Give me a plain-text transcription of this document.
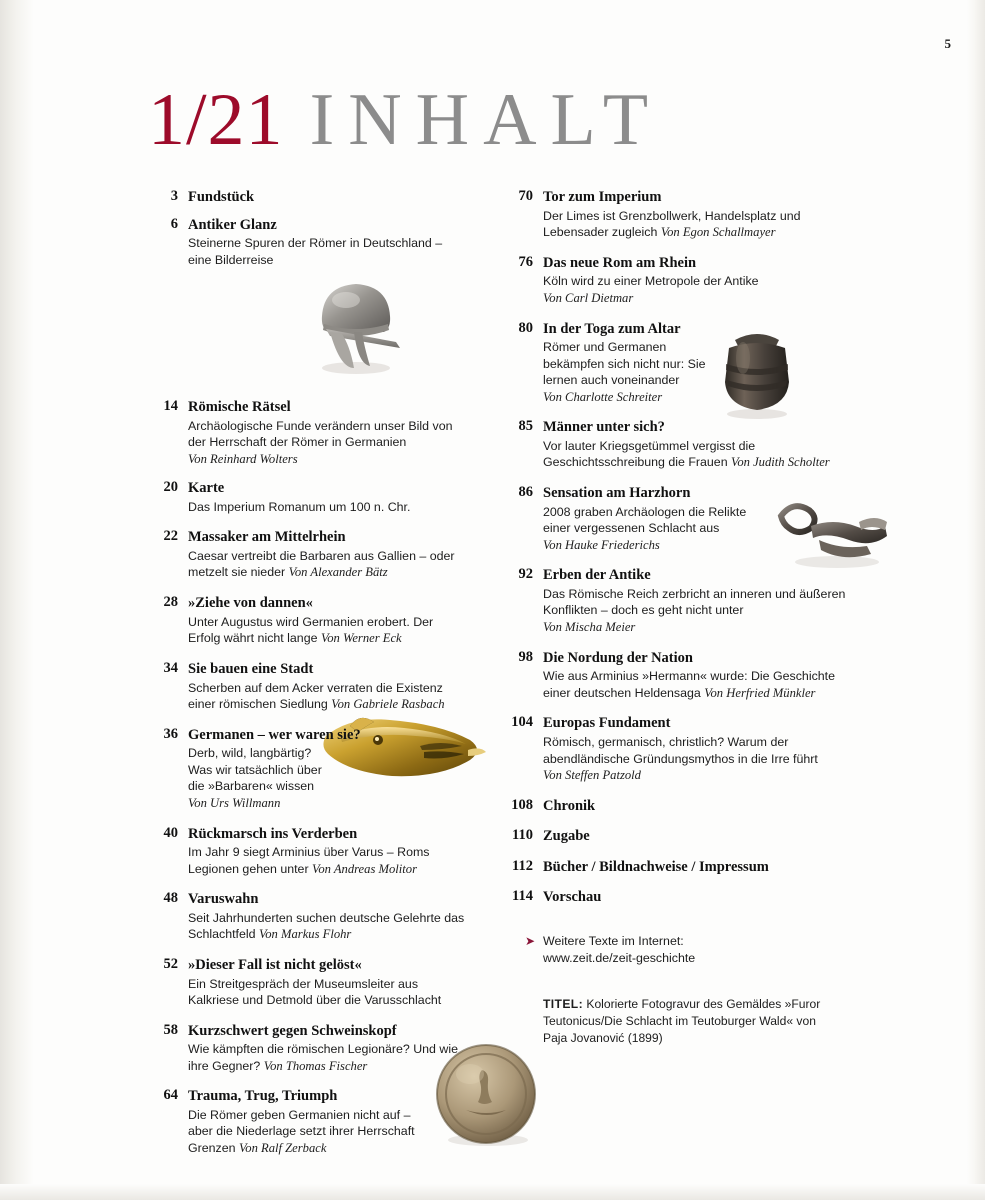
5
1/21 INHALT
3 Fundstück
6 Antiker Glanz
Steinerne Spuren der Römer in Deutschland – eine Bilderreise
14 Römische Rätsel
Archäologische Funde verändern unser Bild von der Herrschaft der Römer in Germanien
Von Reinhard Wolters
20 Karte
Das Imperium Romanum um 100 n. Chr.
22 Massaker am Mittelrhein
Caesar vertreibt die Barbaren aus Gallien – oder metzelt sie nieder Von Alexander Bätz
28 »Ziehe von dannen«
Unter Augustus wird Germanien erobert. Der Erfolg währt nicht lange Von Werner Eck
34 Sie bauen eine Stadt
Scherben auf dem Acker verraten die Existenz einer römischen Siedlung Von Gabriele Rasbach
36 Germanen – wer waren sie?
Derb, wild, langbärtig? Was wir tatsächlich über die »Barbaren« wissen Von Urs Willmann
40 Rückmarsch ins Verderben
Im Jahr 9 siegt Arminius über Varus – Roms Legionen gehen unter Von Andreas Molitor
48 Varuswahn
Seit Jahrhunderten suchen deutsche Gelehrte das Schlachtfeld Von Markus Flohr
52 »Dieser Fall ist nicht gelöst«
Ein Streitgespräch der Museumsleiter aus Kalkriese und Detmold über die Varusschlacht
58 Kurzschwert gegen Schweinskopf
Wie kämpften die römischen Legionäre? Und wie ihre Gegner? Von Thomas Fischer
64 Trauma, Trug, Triumph
Die Römer geben Germanien nicht auf – aber die Niederlage setzt ihrer Herrschaft Grenzen Von Ralf Zerback
70 Tor zum Imperium
Der Limes ist Grenzbollwerk, Handelsplatz und Lebensader zugleich Von Egon Schallmayer
76 Das neue Rom am Rhein
Köln wird zu einer Metropole der Antike
Von Carl Dietmar
80 In der Toga zum Altar
Römer und Germanen bekämpfen sich nicht nur: Sie lernen auch voneinander
Von Charlotte Schreiter
85 Männer unter sich?
Vor lauter Kriegsgetümmel vergisst die Geschichtsschreibung die Frauen Von Judith Scholter
86 Sensation am Harzhorn
2008 graben Archäologen die Relikte einer vergessenen Schlacht aus
Von Hauke Friederichs
92 Erben der Antike
Das Römische Reich zerbricht an inneren und äußeren Konflikten – doch es geht nicht unter
Von Mischa Meier
98 Die Nordung der Nation
Wie aus Arminius »Hermann« wurde: Die Geschichte einer deutschen Heldensaga Von Herfried Münkler
104 Europas Fundament
Römisch, germanisch, christlich? Warum der abendländische Gründungsmythos in die Irre führt
Von Steffen Patzold
108 Chronik
110 Zugabe
112 Bücher / Bildnachweise / Impressum
114 Vorschau
➤ Weitere Texte im Internet:
www.zeit.de/zeit-geschichte
TITEL: Kolorierte Fotogravur des Gemäldes »Furor Teutonicus/Die Schlacht im Teutoburger Wald« von Paja Jovanović (1899)
